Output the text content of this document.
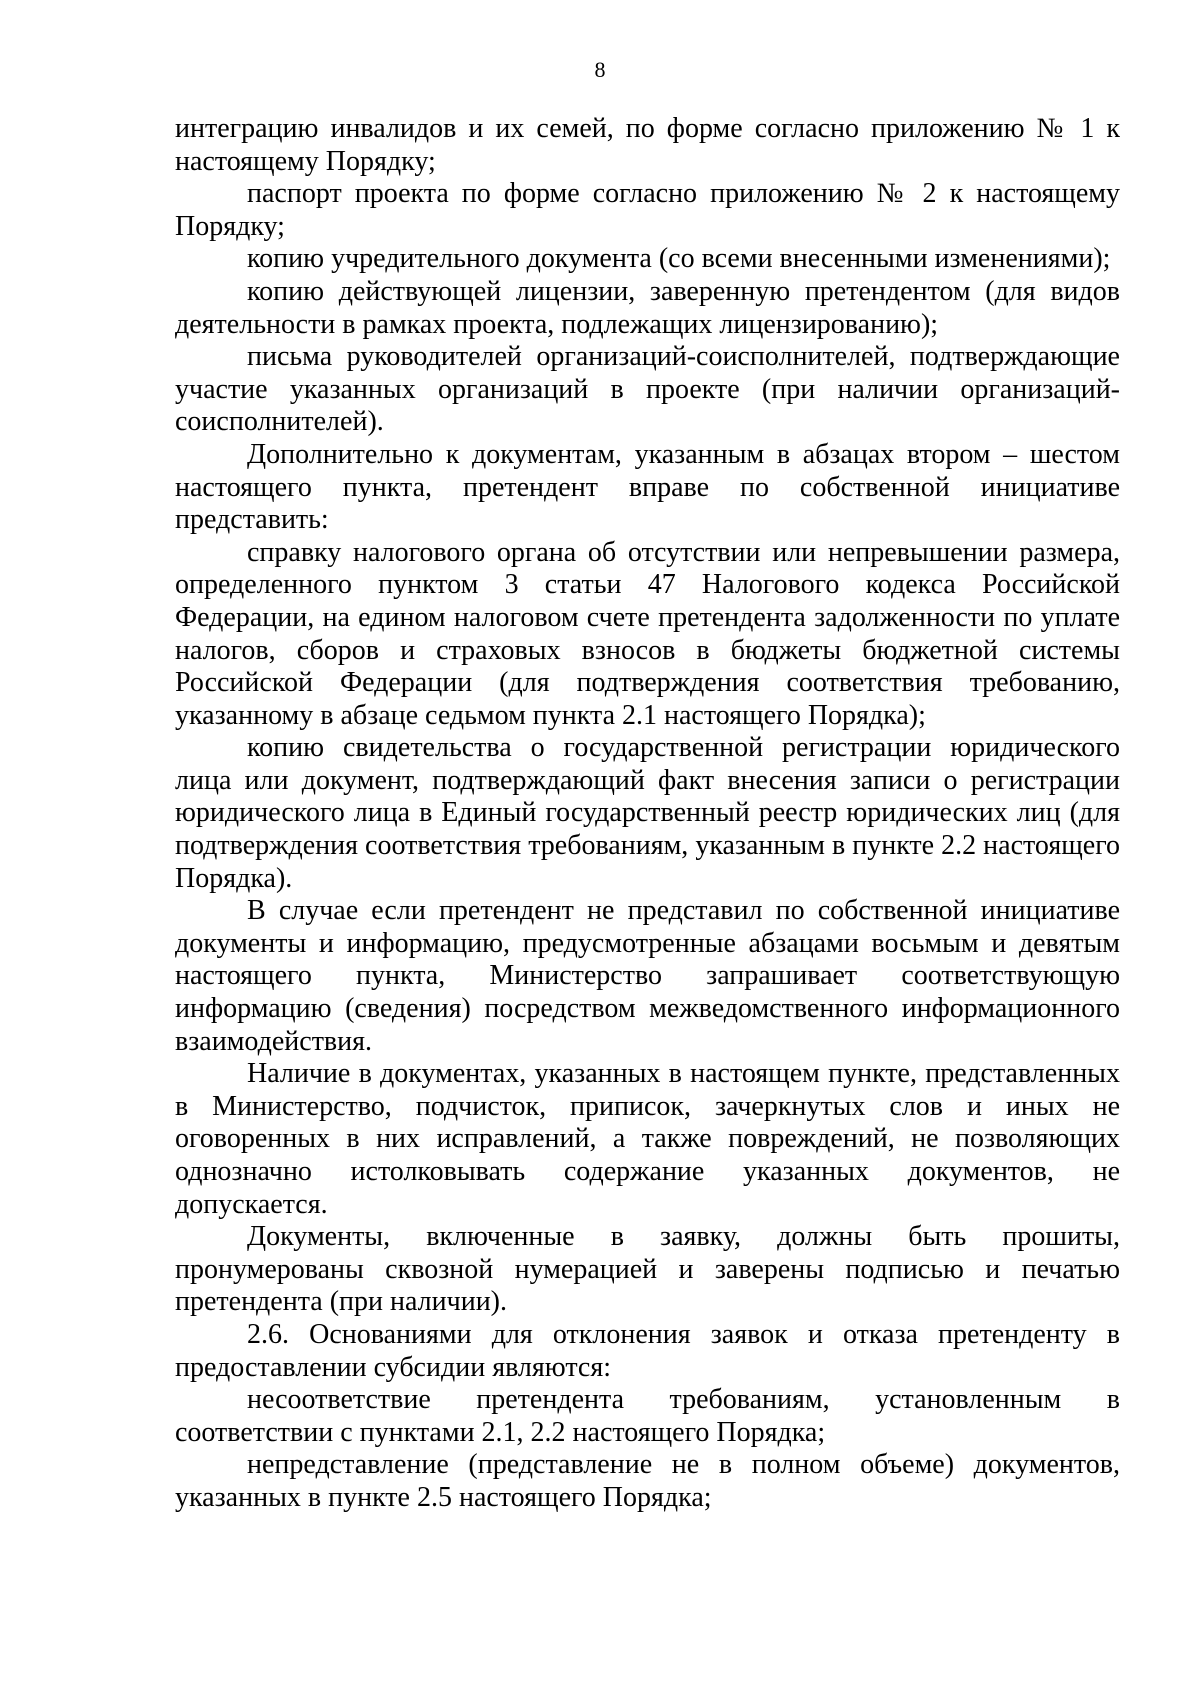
8

интеграцию инвалидов и их семей, по форме согласно приложению № 1 к настоящему Порядку;

паспорт проекта по форме согласно приложению № 2 к настоящему Порядку;

копию учредительного документа (со всеми внесенными изменениями);

копию действующей лицензии, заверенную претендентом (для видов деятельности в рамках проекта, подлежащих лицензированию);

письма руководителей организаций-соисполнителей, подтверждающие участие указанных организаций в проекте (при наличии организаций-соисполнителей).

Дополнительно к документам, указанным в абзацах втором – шестом настоящего пункта, претендент вправе по собственной инициативе представить:

справку налогового органа об отсутствии или непревышении размера, определенного пунктом 3 статьи 47 Налогового кодекса Российской Федерации, на едином налоговом счете претендента задолженности по уплате налогов, сборов и страховых взносов в бюджеты бюджетной системы Российской Федерации (для подтверждения соответствия требованию, указанному в абзаце седьмом пункта 2.1 настоящего Порядка);

копию свидетельства о государственной регистрации юридического лица или документ, подтверждающий факт внесения записи о регистрации юридического лица в Единый государственный реестр юридических лиц (для подтверждения соответствия требованиям, указанным в пункте 2.2 настоящего Порядка).

В случае если претендент не представил по собственной инициативе документы и информацию, предусмотренные абзацами восьмым и девятым настоящего пункта, Министерство запрашивает соответствующую информацию (сведения) посредством межведомственного информационного взаимодействия.

Наличие в документах, указанных в настоящем пункте, представленных в Министерство, подчисток, приписок, зачеркнутых слов и иных не оговоренных в них исправлений, а также повреждений, не позволяющих однозначно истолковывать содержание указанных документов, не допускается.

Документы, включенные в заявку, должны быть прошиты, пронумерованы сквозной нумерацией и заверены подписью и печатью претендента (при наличии).

2.6. Основаниями для отклонения заявок и отказа претенденту в предоставлении субсидии являются:

несоответствие претендента требованиям, установленным в соответствии с пунктами 2.1, 2.2 настоящего Порядка;

непредставление (представление не в полном объеме) документов, указанных в пункте 2.5 настоящего Порядка;
